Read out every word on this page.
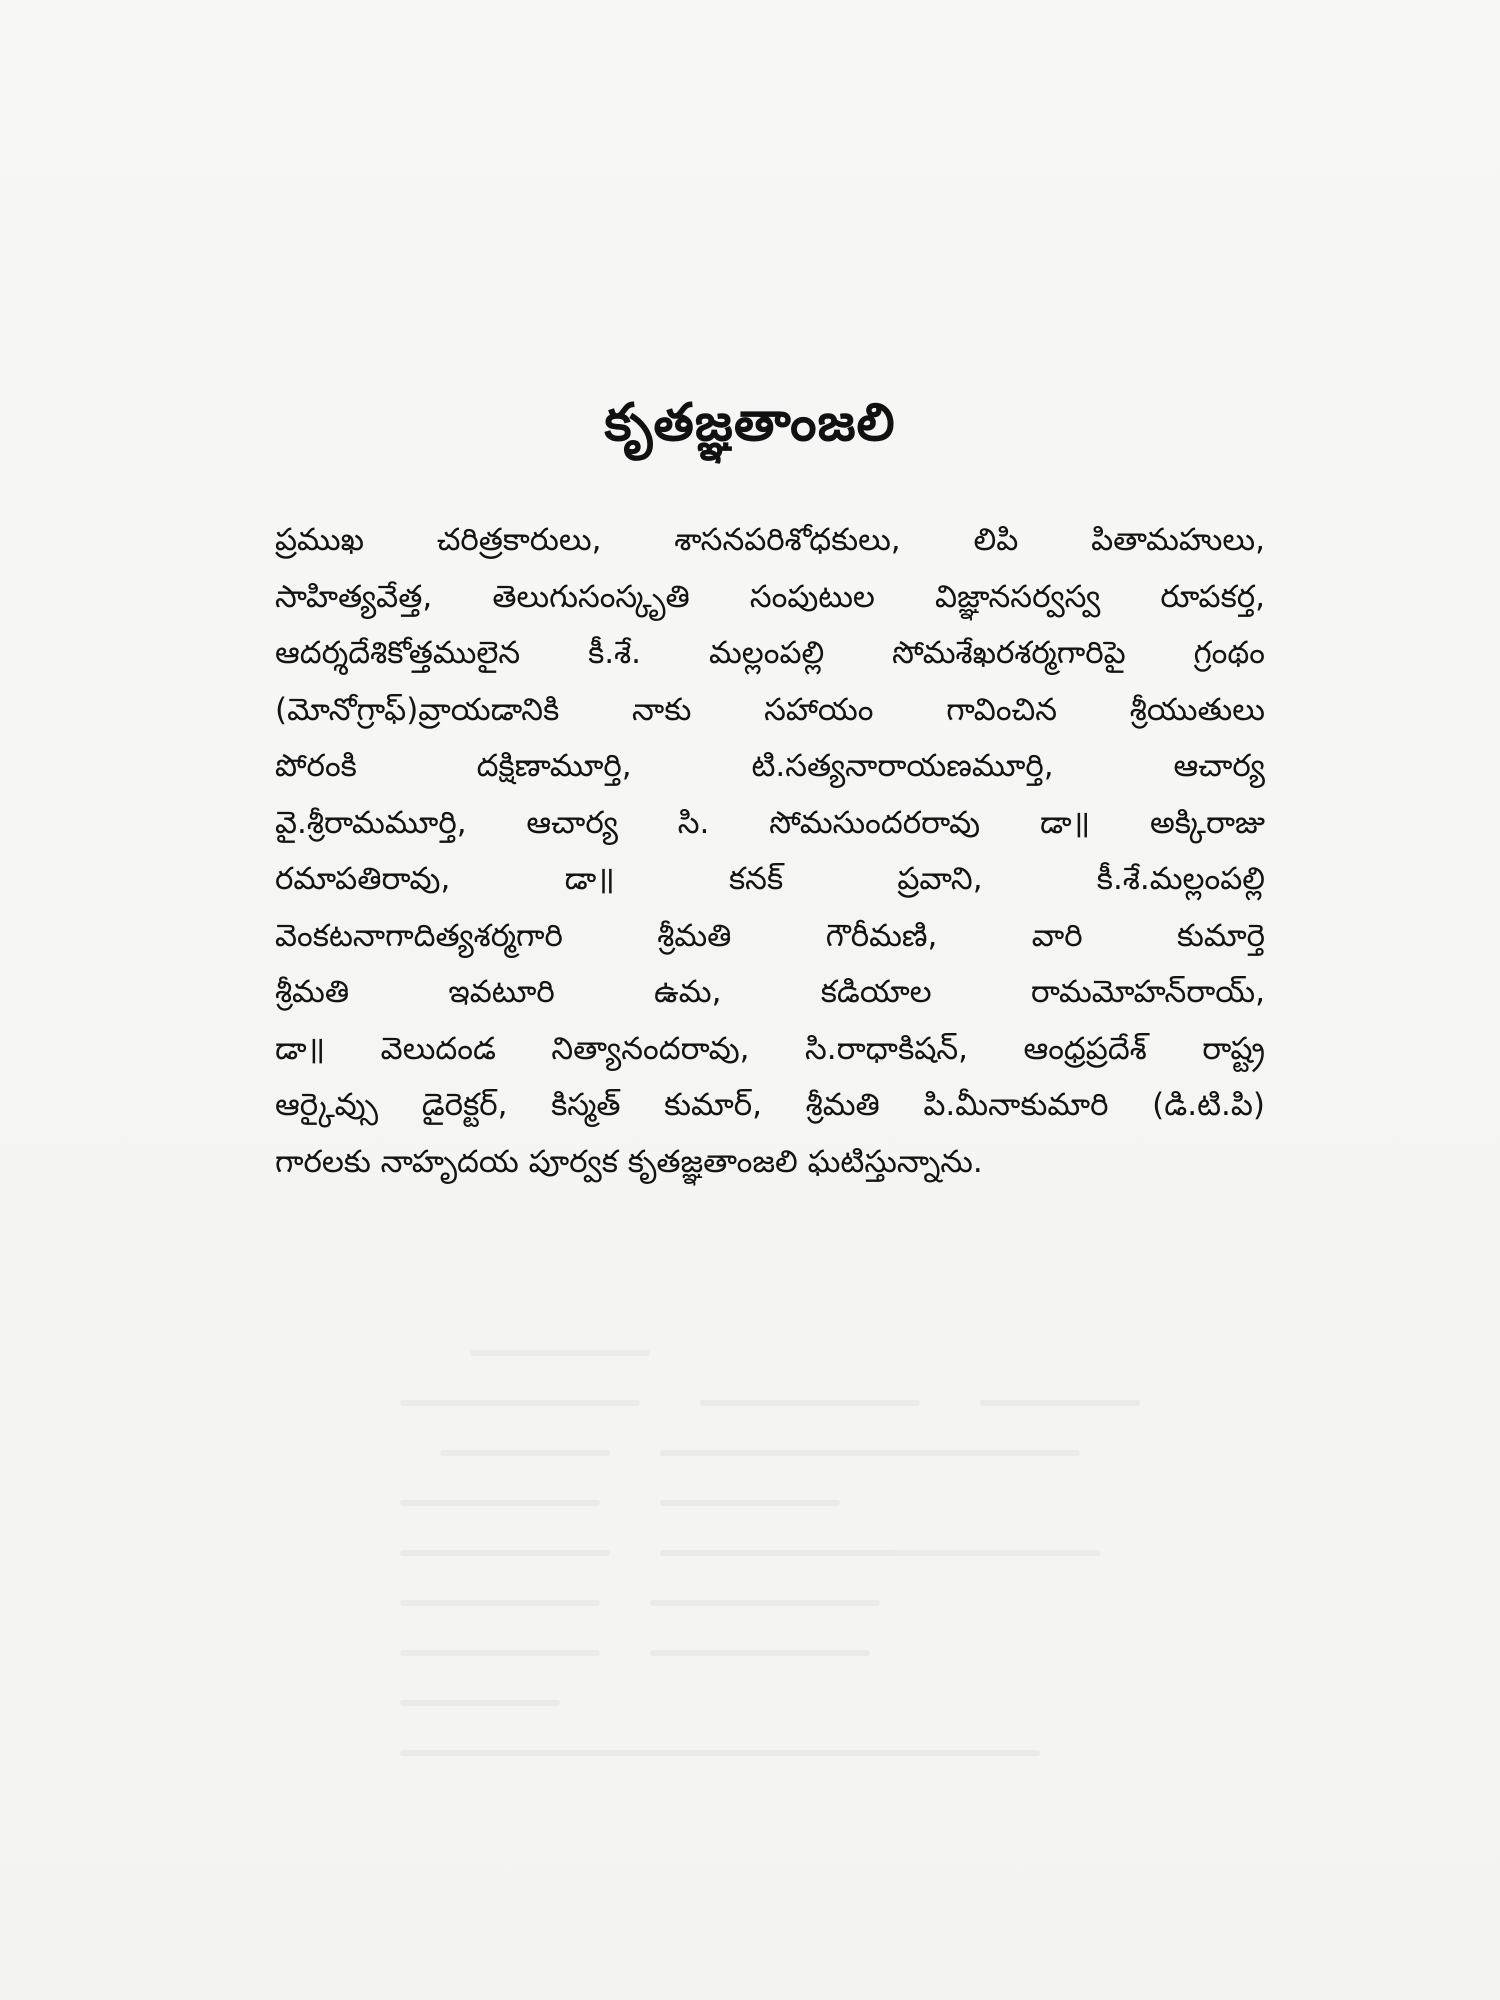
కృతజ్ఞతాంజలి
ప్రముఖ చరిత్రకారులు, శాసనపరిశోధకులు, లిపి పితామహులు,
సాహిత్యవేత్త, తెలుగుసంస్కృతి సంపుటుల విజ్ఞానసర్వస్వ రూపకర్త,
ఆదర్శదేశికోత్తములైన కీ.శే. మల్లంపల్లి సోమశేఖరశర్మగారిపై గ్రంథం
(మోనోగ్రాఫ్)వ్రాయడానికి నాకు సహాయం గావించిన శ్రీయుతులు
పోరంకి దక్షిణామూర్తి, టి.సత్యనారాయణమూర్తి, ఆచార్య
వై.శ్రీరామమూర్తి, ఆచార్య సి. సోమసుందరరావు డా॥ అక్కిరాజు
రమాపతిరావు, డా॥ కనక్ ప్రవాని, కీ.శే.మల్లంపల్లి
వెంకటనాగాదిత్యశర్మగారి శ్రీమతి గౌరీమణి, వారి కుమార్తె
శ్రీమతి ఇవటూరి ఉమ, కడియాల రామమోహన్‌రాయ్,
డా॥ వెలుదండ నిత్యానందరావు, సి.రాధాకిషన్, ఆంధ్రప్రదేశ్ రాష్ట్ర
ఆర్కైవ్సు డైరెక్టర్, కిస్మత్ కుమార్, శ్రీమతి పి.మీనాకుమారి (డి.టి.పి)
గారలకు నాహృదయ పూర్వక కృతజ్ఞతాంజలి ఘటిస్తున్నాను.
